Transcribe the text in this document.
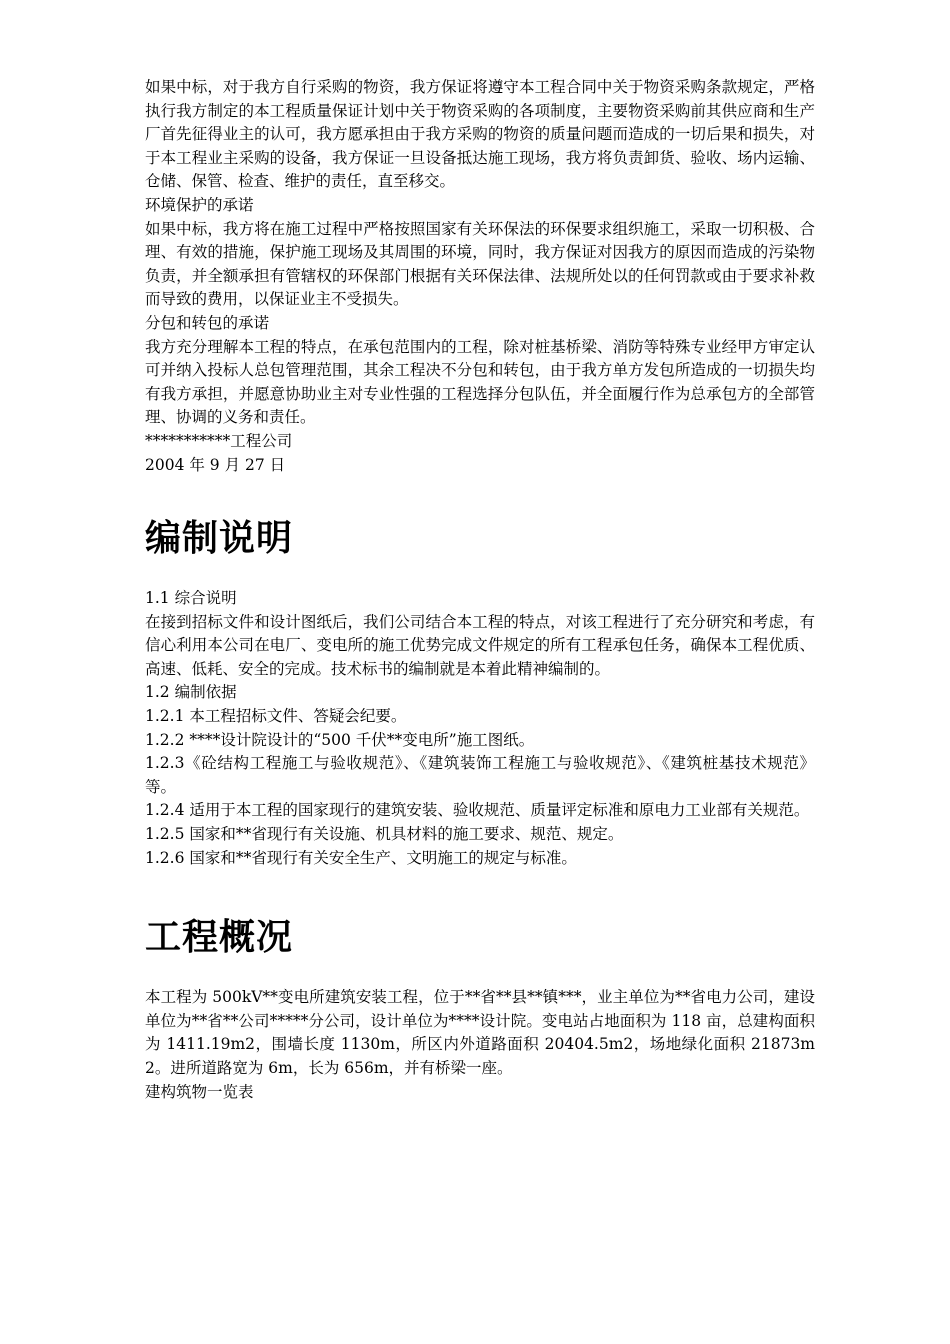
如果中标，对于我方自行采购的物资，我方保证将遵守本工程合同中关于物资采购条款规定，严格执行我方制定的本工程质量保证计划中关于物资采购的各项制度，主要物资采购前其供应商和生产厂首先征得业主的认可，我方愿承担由于我方采购的物资的质量问题而造成的一切后果和损失，对于本工程业主采购的设备，我方保证一旦设备抵达施工现场，我方将负责卸货、验收、场内运输、仓储、保管、检查、维护的责任，直至移交。

环境保护的承诺

如果中标，我方将在施工过程中严格按照国家有关环保法的环保要求组织施工，采取一切积极、合理、有效的措施，保护施工现场及其周围的环境，同时，我方保证对因我方的原因而造成的污染物负责，并全额承担有管辖权的环保部门根据有关环保法律、法规所处以的任何罚款或由于要求补救而导致的费用，以保证业主不受损失。

分包和转包的承诺

我方充分理解本工程的特点，在承包范围内的工程，除对桩基桥梁、消防等特殊专业经甲方审定认可并纳入投标人总包管理范围，其余工程决不分包和转包，由于我方单方发包所造成的一切损失均有我方承担，并愿意协助业主对专业性强的工程选择分包队伍，并全面履行作为总承包方的全部管理、协调的义务和责任。

***********工程公司

2004 年 9 月 27 日

编制说明

1.1 综合说明

在接到招标文件和设计图纸后，我们公司结合本工程的特点，对该工程进行了充分研究和考虑，有信心利用本公司在电厂、变电所的施工优势完成文件规定的所有工程承包任务，确保本工程优质、高速、低耗、安全的完成。技术标书的编制就是本着此精神编制的。

1.2 编制依据

1.2.1 本工程招标文件、答疑会纪要。

1.2.2 ****设计院设计的“500 千伏**变电所”施工图纸。

1.2.3《砼结构工程施工与验收规范》、《建筑装饰工程施工与验收规范》、《建筑桩基技术规范》等。

1.2.4 适用于本工程的国家现行的建筑安装、验收规范、质量评定标准和原电力工业部有关规范。

1.2.5 国家和**省现行有关设施、机具材料的施工要求、规范、规定。

1.2.6 国家和**省现行有关安全生产、文明施工的规定与标准。

工程概况

本工程为 500kV**变电所建筑安装工程，位于**省**县**镇***，业主单位为**省电力公司，建设单位为**省**公司*****分公司，设计单位为****设计院。变电站占地面积为 118 亩，总建构面积为 1411.19m2，围墙长度 1130m，所区内外道路面积 20404.5m2，场地绿化面积 21873m2。进所道路宽为 6m，长为 656m，并有桥梁一座。

建构筑物一览表
